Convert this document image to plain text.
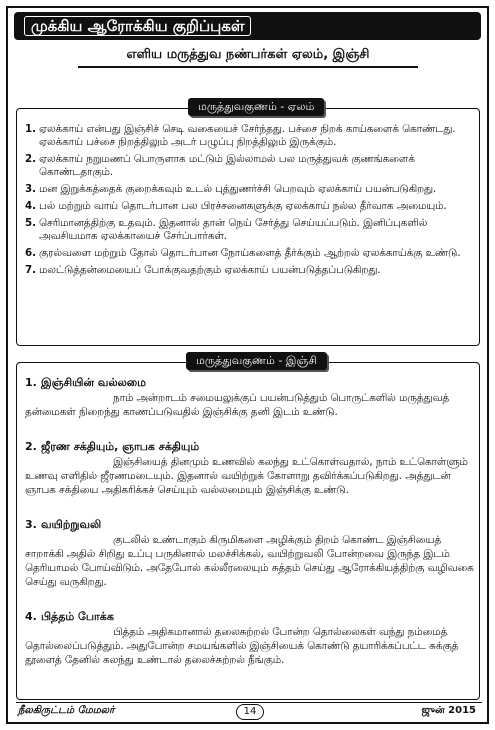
முக்கிய ஆரோக்கிய குறிப்புகள்
எளிய மருத்துவ நண்பர்கள் ஏலம், இஞ்சி
1. ஏலக்காய் என்பது இஞ்சிச் செடி வகையைச் சேர்ந்தது. பச்சை நிறக் காய்களைக் கொண்டது. ஏலக்காய் பச்சை நிறத்திலும் அடர் பழுப்பு நிறத்திலும் இருக்கும்.
2. ஏலக்காய் நறுமணப் பொருளாக மட்டும் இல்லாமல் பல மருத்துவக் குணங்களைக் கொண்டதாகும்.
3. மன இறுக்கத்தைக் குறைக்கவும் உடல் புத்துணர்ச்சி பெறவும் ஏலக்காய் பயன்படுகிறது.
4. பல் மற்றும் வாய் தொடர்பான பல பிரச்சனைகளுக்கு ஏலக்காய் நல்ல தீர்வாக அமையும்.
5. செரிமானத்திற்கு உதவும். இதனால் தான் நெய் சேர்த்து செய்யப்படும். இனிப்புகளில் அவசியமாக ஏலக்காயைச் சேர்ப்பார்கள்.
6. குரல்வளை மற்றும் தோல் தொடர்பான நோய்களைத் தீர்க்கும் ஆற்றல் ஏலக்காய்க்கு உண்டு.
7. மலட்டுத்தன்மையைப் போக்குவதற்கும் ஏலக்காய் பயன்படுத்தப்படுகிறது.
மருத்துவகுணம் - ஏலம்
1. இஞ்சியின் வல்லமை

நாம் அன்றாடம் சமையலுக்குப் பயன்படுத்தும் பொருட்களில் மருத்துவத் தன்மைகள் நிறைந்து காணப்படுவதில் இஞ்சிக்கு தனி இடம் உண்டு.

2. ஜீரண சக்தியும், ஞாபக சக்தியும்

இஞ்சியைத் தினமும் உணவில் கலந்து உட்கொள்வதால், நாம் உட்கொள்ளும் உணவு எளிதில் ஜீரணமடையும். இதனால் வயிற்றுக் கோளாறு தவிர்க்கப்படுகிறது. அத்துடன் ஞாபக சக்தியை அதிகரிக்கச் செய்யும் வல்லமையும் இஞ்சிக்கு உண்டு.

3. வயிற்றுவலி

குடலில் உண்டாகும் கிருமிகளை அழிக்கும் திறம் கொண்ட இஞ்சியைத் சாறாக்கி அதில் சிறிது உப்பு பருகினால் மலச்சிக்கல், வயிற்றுவலி போன்றவை இருந்த இடம் தெரியாமல் போய்விடும். அதேபோல் கல்லீரலையும் சுத்தம் செய்து ஆரோக்கியத்திற்கு வழிவகை செய்து வருகிறது.

4. பித்தம் போக்க

பித்தம் அதிகமானால் தலைசுற்றல் போன்ற தொல்லைகள் வந்து நம்மைத் தொல்லைப்படுத்தும். அதுபோன்ற சமயங்களில் இஞ்சியைக் கொண்டு தயாரிக்கப்பட்ட சுக்குத் தூளைத் தேனில் கலந்து உண்டால் தலைச்சுற்றல் நீங்கும்.

மருத்துவகுணம் - இஞ்சி
நீலகிருட்டம் மேமலர்	14	ஜுன் 2015
